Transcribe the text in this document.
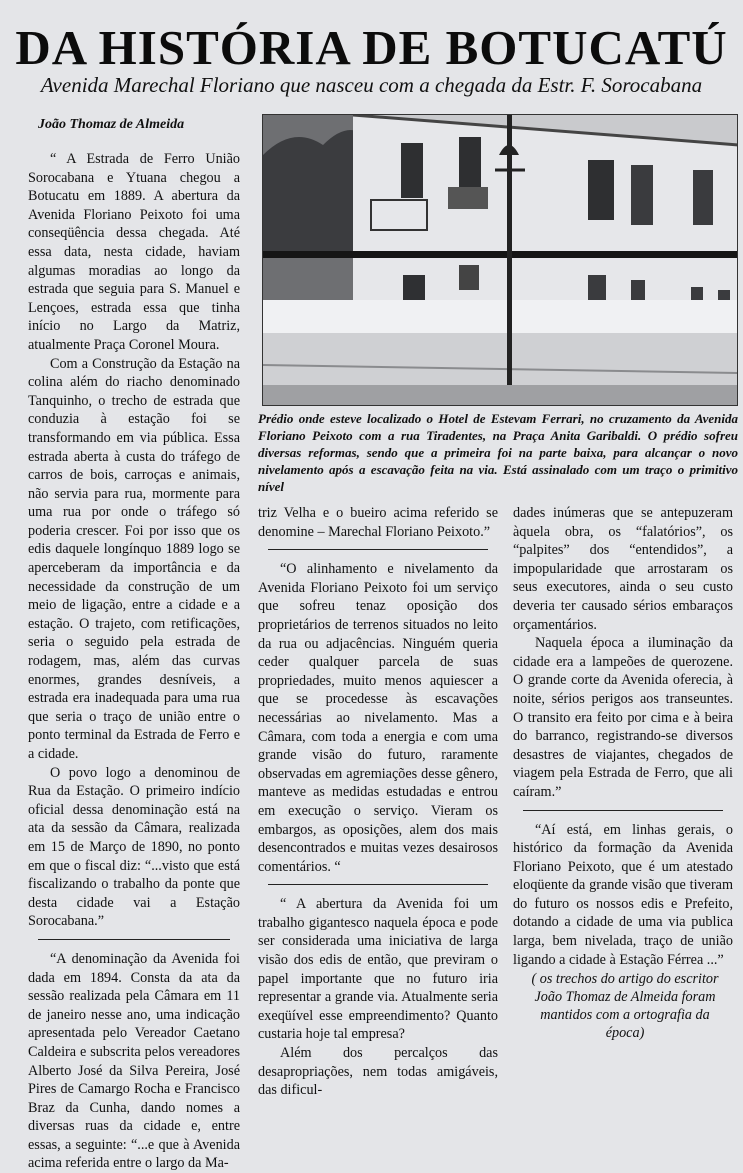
DA HISTÓRIA DE BOTUCATÚ
Avenida Marechal Floriano que nasceu com a chegada da Estr. F. Sorocabana
João Thomaz de Almeida

“ A Estrada de Ferro União Sorocabana e Ytuana chegou a Botucatu em 1889. A abertura da Avenida Floriano Peixoto foi uma conseqüência dessa chegada. Até essa data, nesta cidade, haviam algumas moradias ao longo da estrada que seguia para S. Manuel e Lençoes, estrada essa que tinha início no Largo da Matriz, atualmente Praça Coronel Moura.

Com a Construção da Estação na colina além do riacho denominado Tanquinho, o trecho de estrada que conduzia à estação foi se transformando em via pública. Essa estrada aberta à custa do tráfego de carros de bois, carroças e animais, não servia para rua, mormente para uma rua por onde o tráfego só poderia crescer. Foi por isso que os edis daquele longínquo 1889 logo se aperceberam da importância e da necessidade da construção de um meio de ligação, entre a cidade e a estação. O trajeto, com retificações, seria o seguido pela estrada de rodagem, mas, além das curvas enormes, grandes desníveis, a estrada era inadequada para uma rua que seria o traço de união entre o ponto terminal da Estrada de Ferro e a cidade.

O povo logo a denominou de Rua da Estação. O primeiro indício oficial dessa denominação está na ata da sessão da Câmara, realizada em 15 de Março de 1890, no ponto em que o fiscal diz: “...visto que está fiscalizando o trabalho da ponte que desta cidade vai a Estação Sorocabana.”

“A denominação da Avenida foi dada em 1894. Consta da ata da sessão realizada pela Câmara em 11 de janeiro nesse ano, uma indicação apresentada pelo Vereador Caetano Caldeira e subscrita pelos vereadores Alberto José da Silva Pereira, José Pires de Camargo Rocha e Francisco Braz da Cunha, dando nomes a diversas ruas da cidade e, entre essas, a seguinte: “...e que à Avenida acima referida entre o largo da Ma-

Prédio onde esteve localizado o Hotel de Estevam Ferrari, no cruzamento da Avenida Floriano Peixoto com a rua Tiradentes, na Praça Anita Garibaldi. O prédio sofreu diversas reformas, sendo que a primeira foi na parte baixa, para alcançar o novo nivelamento após a escavação feita na via. Está assinalado com um traço o primitivo nível

triz Velha e o bueiro acima referido se denomine – Marechal Floriano Peixoto.”

“O alinhamento e nivelamento da Avenida Floriano Peixoto foi um serviço que sofreu tenaz oposição dos proprietários de terrenos situados no leito da rua ou adjacências. Ninguém queria ceder qualquer parcela de suas propriedades, muito menos aquiescer a que se procedesse às escavações necessárias ao nivelamento. Mas a Câmara, com toda a energia e com uma grande visão do futuro, raramente observadas em agremiações desse gênero, manteve as medidas estudadas e entrou em execução o serviço. Vieram os embargos, as oposições, alem dos mais desencontrados e muitas vezes desairosos comentários. “

“ A abertura da Avenida foi um trabalho gigantesco naquela época e pode ser considerada uma iniciativa de larga visão dos edis de então, que previram o papel importante que no futuro iria representar a grande via. Atualmente seria exeqüível esse empreendimento? Quanto custaria hoje tal empresa?

Além dos percalços das desapropriações, nem todas amigáveis, das dificul-

dades inúmeras que se antepuzeram àquela obra, os “falatórios”, os “palpites” dos “entendidos”, a impopularidade que arrostaram os seus executores, ainda o seu custo deveria ter causado sérios embaraços orçamentários.

Naquela época a iluminação da cidade era a lampeões de querozene. O grande corte da Avenida oferecia, à noite, sérios perigos aos transeuntes. O transito era feito por cima e à beira do barranco, registrando-se diversos desastres de viajantes, chegados de viagem pela Estrada de Ferro, que ali caíram.”

“Aí está, em linhas gerais, o histórico da formação da Avenida Floriano Peixoto, que é um atestado eloqüente da grande visão que tiveram do futuro os nossos edis e Prefeito, dotando a cidade de uma via publica larga, bem nivelada, traço de união ligando a cidade à Estação Férrea ...”

( os trechos do artigo do escritor João Thomaz de Almeida foram mantidos com a ortografia da época)
